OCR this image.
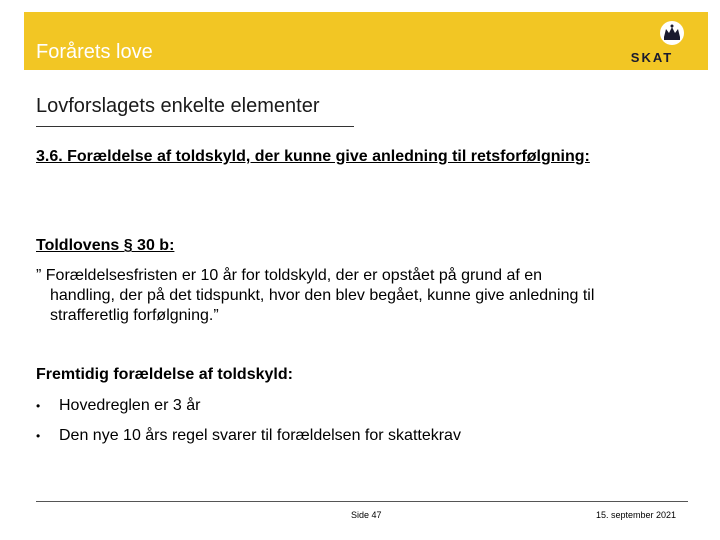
Forårets love	SKAT
Lovforslagets enkelte elementer
3.6. Forældelse af toldskyld, der kunne give anledning til retsforfølgning:
Toldlovens § 30 b:
” Forældelsesfristen er 10 år for toldskyld, der er opstået på grund af en
handling, der på det tidspunkt, hvor den blev begået, kunne give anledning til
strafferetlig forfølgning.”
Fremtidig forældelse af toldskyld:
• Hovedreglen er 3 år
• Den nye 10 års regel svarer til forældelsen for skattekrav
Side 47	15. september 2021
